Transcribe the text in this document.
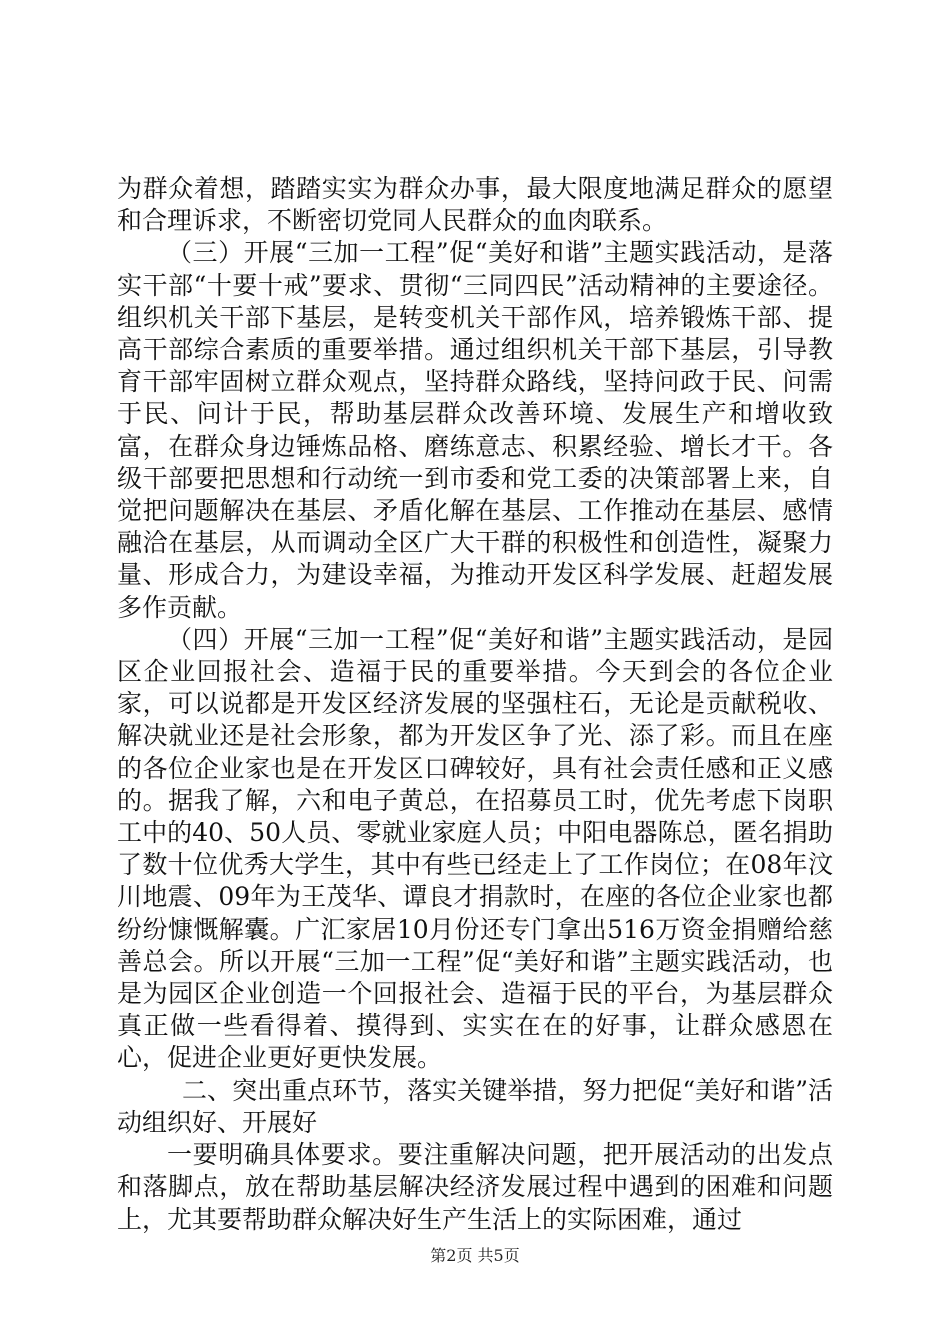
为群众着想，踏踏实实为群众办事，最大限度地满足群众的愿望和合理诉求，不断密切党同人民群众的血肉联系。

（三）开展“三加一工程”促“美好和谐”主题实践活动，是落实干部“十要十戒”要求、贯彻“三同四民”活动精神的主要途径。组织机关干部下基层，是转变机关干部作风，培养锻炼干部、提高干部综合素质的重要举措。通过组织机关干部下基层，引导教育干部牢固树立群众观点，坚持群众路线，坚持问政于民、问需于民、问计于民，帮助基层群众改善环境、发展生产和增收致富，在群众身边锤炼品格、磨练意志、积累经验、增长才干。各级干部要把思想和行动统一到市委和党工委的决策部署上来，自觉把问题解决在基层、矛盾化解在基层、工作推动在基层、感情融洽在基层，从而调动全区广大干群的积极性和创造性，凝聚力量、形成合力，为建设幸福，为推动开发区科学发展、赶超发展多作贡献。

（四）开展“三加一工程”促“美好和谐”主题实践活动，是园区企业回报社会、造福于民的重要举措。今天到会的各位企业家，可以说都是开发区经济发展的坚强柱石，无论是贡献税收、解决就业还是社会形象，都为开发区争了光、添了彩。而且在座的各位企业家也是在开发区口碑较好，具有社会责任感和正义感的。据我了解，六和电子黄总，在招募员工时，优先考虑下岗职工中的40、50人员、零就业家庭人员；中阳电器陈总，匿名捐助了数十位优秀大学生，其中有些已经走上了工作岗位；在08年汶川地震、09年为王茂华、谭良才捐款时，在座的各位企业家也都纷纷慷慨解囊。广汇家居10月份还专门拿出516万资金捐赠给慈善总会。所以开展“三加一工程”促“美好和谐”主题实践活动，也是为园区企业创造一个回报社会、造福于民的平台，为基层群众真正做一些看得着、摸得到、实实在在的好事，让群众感恩在心，促进企业更好更快发展。

二、突出重点环节，落实关键举措，努力把促“美好和谐”活动组织好、开展好

一要明确具体要求。要注重解决问题，把开展活动的出发点和落脚点，放在帮助基层解决经济发展过程中遇到的困难和问题上，尤其要帮助群众解决好生产生活上的实际困难，通过

第2页 共5页
